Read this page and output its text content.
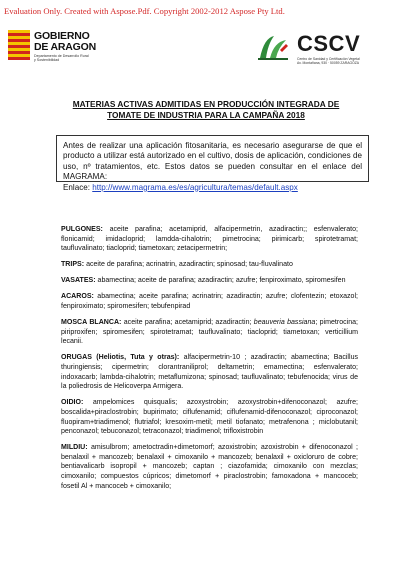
Evaluation Only. Created with Aspose.Pdf. Copyright 2002-2012 Aspose Pty Ltd.
GOBIERNO
DE ARAGON
Departamento de Desarrollo Rural
y Sostenibilidad
CSCV
Centro de Sanidad y Certificación Vegetal
Av. Montañana, 930 · 50059 ZARAGOZA
MATERIAS ACTIVAS ADMITIDAS EN PRODUCCIÓN INTEGRADA DE
TOMATE DE INDUSTRIA PARA LA CAMPAÑA 2018
Antes de realizar una aplicación fitosanitaria, es necesario asegurarse de que el producto a utilizar está autorizado en el cultivo, dosis de aplicación, condiciones de uso, nº tratamientos, etc. Estos datos se pueden consultar en el enlace del MAGRAMA:
Enlace: http://www.magrama.es/es/agricultura/temas/default.aspx

PULGONES: aceite parafina; acetamiprid, alfacipermetrin, azadiractin;; esfenvalerato; flonicamid; imidacloprid; lamdda-cihalotrin; pimetrocina; pirimicarb; spirotetramat; taufluvalinato; tiacloprid; tiametoxan; zetacipermetrin;

TRIPS: aceite de parafina; acrinatrin, azadiractin; spinosad; tau-fluvalinato

VASATES: abamectina; aceite de parafina; azadiractin; azufre; fenpiroximato, spiromesifen

ACAROS: abamectina; aceite parafina; acrinatrin; azadiractin; azufre; clofentezin; etoxazol; fenpiroximato; spiromesifen; tebufenpirad

MOSCA BLANCA: aceite parafina; acetamiprid; azadiractin; beauveria bassiana; pimetrocina; piriproxifen; spiromesifen; spirotetramat; taufluvalinato; tiacloprid; tiametoxan; verticillium lecanii.

ORUGAS (Heliotis, Tuta y otras): alfacipermetrin-10 ; azadiractin; abamectina; Bacillus thuringiensis; cipermetrin; clorantraniliprol; deltametrin; emamectina; esfenvalerato; indoxacarb; lambda-cihalotrin; metaflumizona; spinosad; taufluvalinato; tebufenocida; virus de la poliedrosis de Helicoverpa Armigera.

OIDIO: ampelomices quisqualis; azoxystrobin; azoxystrobin+difenoconazol; azufre; boscalida+piraclostrobin; bupirimato; ciflufenamid; ciflufenamid-difenoconazol; ciproconazol; fluopiram+triadimenol; flutriafol; kresoxim-metil; metil tiofanato; metrafenona ; miclobutanil; penconazol; tebuconazol; tetraconazol; triadimenol; trifloxistrobin

MILDIU: amisulbrom; ametoctradin+dimetomorf; azoxistrobin; azoxistrobin + difenoconazol ; benalaxil + mancozeb; benalaxil + cimoxanilo + mancozeb; benalaxil + oxicloruro de cobre; bentiavalicarb isopropil + mancozeb; captan ; ciazofamida; cimoxanilo con mezclas; cimoxanilo; compuestos cúpricos; dimetomorf + piraclostrobin; famoxadona + mancoceb; fosetil Al + mancoceb + cimoxanilo;
